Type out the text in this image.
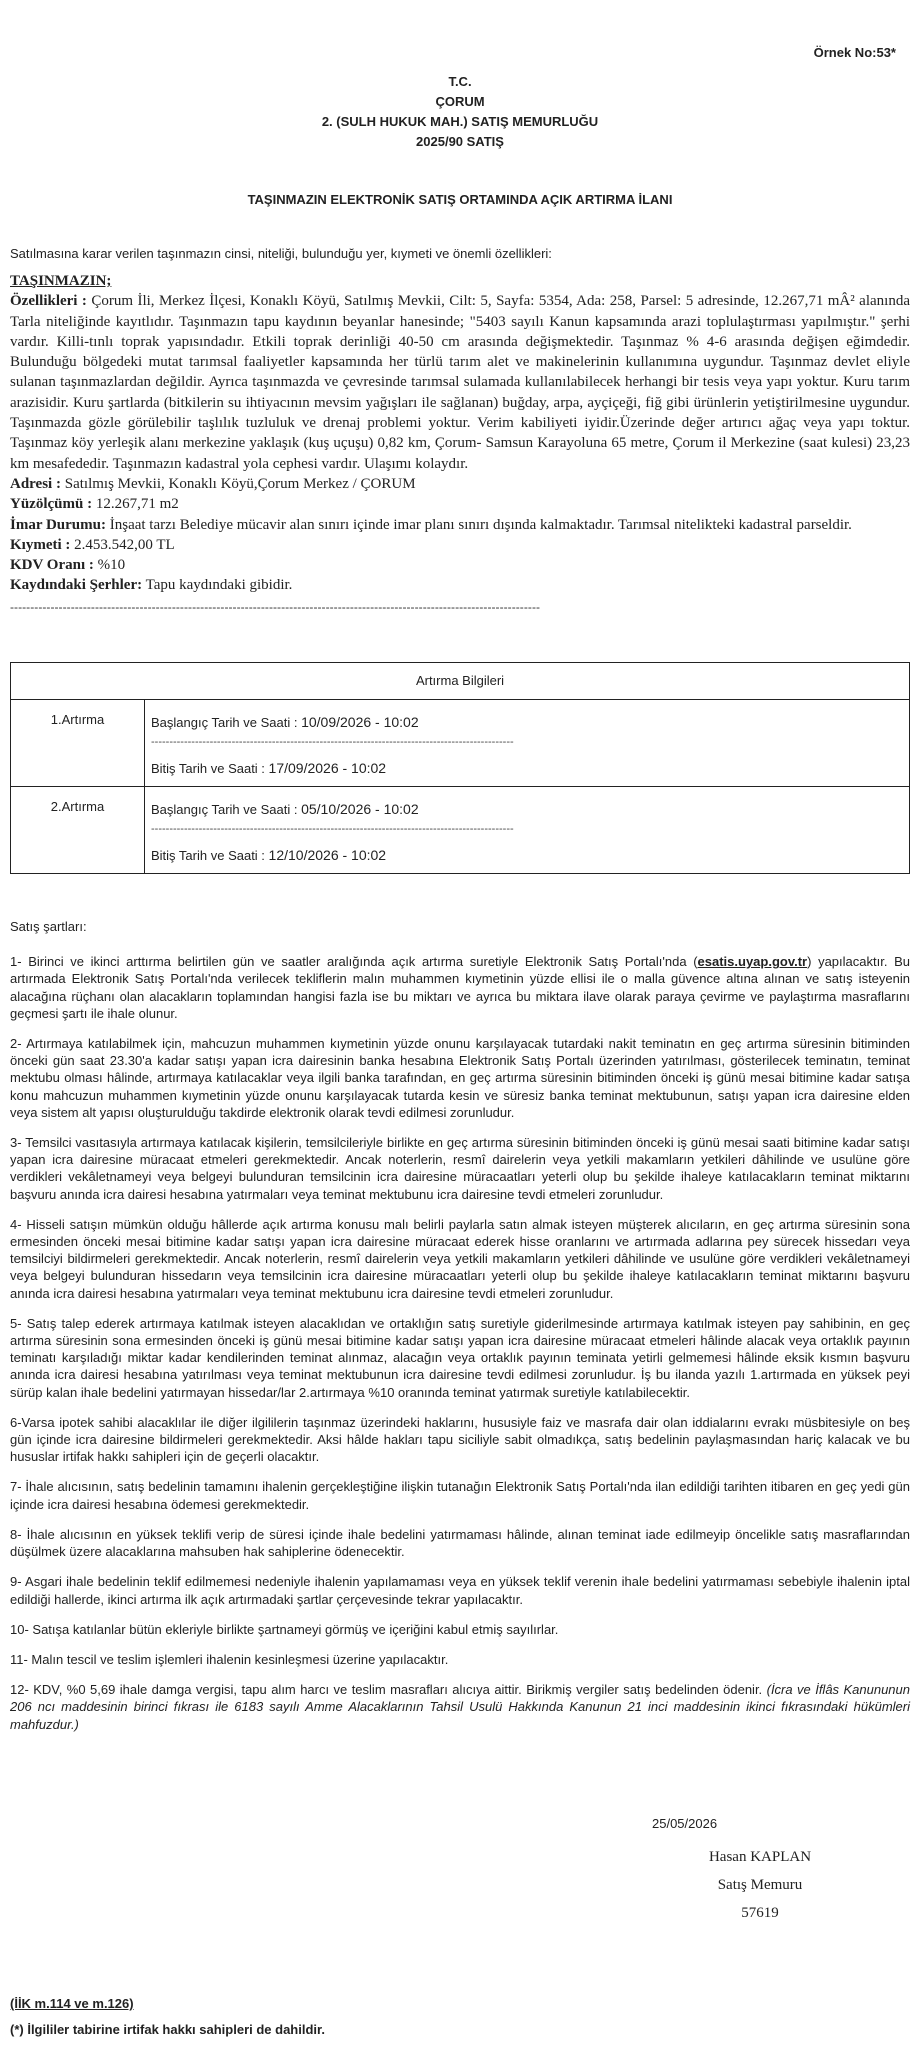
Örnek No:53*
T.C.
ÇORUM
2. (SULH HUKUK MAH.) SATIŞ MEMURLUĞU
2025/90 SATIŞ
TAŞINMAZIN ELEKTRONİK SATIŞ ORTAMINDA AÇIK ARTIRMA İLANI
Satılmasına karar verilen taşınmazın cinsi, niteliği, bulunduğu yer, kıymeti ve önemli özellikleri:
TAŞINMAZIN;
Özellikleri : Çorum İli, Merkez İlçesi, Konaklı Köyü, Satılmış Mevkii, Cilt: 5, Sayfa: 5354, Ada: 258, Parsel: 5 adresinde, 12.267,71 mÂ² alanında Tarla niteliğinde kayıtlıdır. Taşınmazın tapu kaydının beyanlar hanesinde; "5403 sayılı Kanun kapsamında arazi toplulaştırması yapılmıştır." şerhi vardır. Killi-tınlı toprak yapısındadır. Etkili toprak derinliği 40-50 cm arasında değişmektedir. Taşınmaz % 4-6 arasında değişen eğimdedir. Bulunduğu bölgedeki mutat tarımsal faaliyetler kapsamında her türlü tarım alet ve makinelerinin kullanımına uygundur. Taşınmaz devlet eliyle sulanan taşınmazlardan değildir. Ayrıca taşınmazda ve çevresinde tarımsal sulamada kullanılabilecek herhangi bir tesis veya yapı yoktur. Kuru tarım arazisidir. Kuru şartlarda (bitkilerin su ihtiyacının mevsim yağışları ile sağlanan) buğday, arpa, ayçiçeği, fiğ gibi ürünlerin yetiştirilmesine uygundur. Taşınmazda gözle görülebilir taşlılık tuzluluk ve drenaj problemi yoktur. Verim kabiliyeti iyidir.Üzerinde değer artırıcı ağaç veya yapı toktur. Taşınmaz köy yerleşik alanı merkezine yaklaşık (kuş uçuşu) 0,82 km, Çorum- Samsun Karayoluna 65 metre, Çorum il Merkezine (saat kulesi) 23,23 km mesafededir. Taşınmazın kadastral yola cephesi vardır. Ulaşımı kolaydır.
Adresi : Satılmış Mevkii, Konaklı Köyü,Çorum Merkez / ÇORUM
Yüzölçümü : 12.267,71 m2
İmar Durumu: İnşaat tarzı Belediye mücavir alan sınırı içinde imar planı sınırı dışında kalmaktadır. Tarımsal nitelikteki kadastral parseldir.
Kıymeti : 2.453.542,00 TL
KDV Oranı : %10
Kaydındaki Şerhler: Tapu kaydındaki gibidir.
-----------------------------------------------------------------------------------------------------------------------------------
Artırma Bilgileri
1.Artırma	Başlangıç Tarih ve Saati : 10/09/2026 - 10:02
---------------------------------------------------------------------------------------------------
Bitiş Tarih ve Saati : 17/09/2026 - 10:02
2.Artırma	Başlangıç Tarih ve Saati : 05/10/2026 - 10:02
---------------------------------------------------------------------------------------------------
Bitiş Tarih ve Saati : 12/10/2026 - 10:02

Satış şartları:

1- Birinci ve ikinci arttırma belirtilen gün ve saatler aralığında açık artırma suretiyle Elektronik Satış Portalı'nda (esatis.uyap.gov.tr) yapılacaktır. Bu artırmada Elektronik Satış Portalı'nda verilecek tekliflerin malın muhammen kıymetinin yüzde ellisi ile o malla güvence altına alınan ve satış isteyenin alacağına rüçhanı olan alacakların toplamından hangisi fazla ise bu miktarı ve ayrıca bu miktara ilave olarak paraya çevirme ve paylaştırma masraflarını geçmesi şartı ile ihale olunur.

2- Artırmaya katılabilmek için, mahcuzun muhammen kıymetinin yüzde onunu karşılayacak tutardaki nakit teminatın en geç artırma süresinin bitiminden önceki gün saat 23.30'a kadar satışı yapan icra dairesinin banka hesabına Elektronik Satış Portalı üzerinden yatırılması, gösterilecek teminatın, teminat mektubu olması hâlinde, artırmaya katılacaklar veya ilgili banka tarafından, en geç artırma süresinin bitiminden önceki iş günü mesai bitimine kadar satışa konu mahcuzun muhammen kıymetinin yüzde onunu karşılayacak tutarda kesin ve süresiz banka teminat mektubunun, satışı yapan icra dairesine elden veya sistem alt yapısı oluşturulduğu takdirde elektronik olarak tevdi edilmesi zorunludur.

3- Temsilci vasıtasıyla artırmaya katılacak kişilerin, temsilcileriyle birlikte en geç artırma süresinin bitiminden önceki iş günü mesai saati bitimine kadar satışı yapan icra dairesine müracaat etmeleri gerekmektedir. Ancak noterlerin, resmî dairelerin veya yetkili makamların yetkileri dâhilinde ve usulüne göre verdikleri vekâletnameyi veya belgeyi bulunduran temsilcinin icra dairesine müracaatları yeterli olup bu şekilde ihaleye katılacakların teminat miktarını başvuru anında icra dairesi hesabına yatırmaları veya teminat mektubunu icra dairesine tevdi etmeleri zorunludur.

4- Hisseli satışın mümkün olduğu hâllerde açık artırma konusu malı belirli paylarla satın almak isteyen müşterek alıcıların, en geç artırma süresinin sona ermesinden önceki mesai bitimine kadar satışı yapan icra dairesine müracaat ederek hisse oranlarını ve artırmada adlarına pey sürecek hissedarı veya temsilciyi bildirmeleri gerekmektedir. Ancak noterlerin, resmî dairelerin veya yetkili makamların yetkileri dâhilinde ve usulüne göre verdikleri vekâletnameyi veya belgeyi bulunduran hissedarın veya temsilcinin icra dairesine müracaatları yeterli olup bu şekilde ihaleye katılacakların teminat miktarını başvuru anında icra dairesi hesabına yatırmaları veya teminat mektubunu icra dairesine tevdi etmeleri zorunludur.

5- Satış talep ederek artırmaya katılmak isteyen alacaklıdan ve ortaklığın satış suretiyle giderilmesinde artırmaya katılmak isteyen pay sahibinin, en geç artırma süresinin sona ermesinden önceki iş günü mesai bitimine kadar satışı yapan icra dairesine müracaat etmeleri hâlinde alacak veya ortaklık payının teminatı karşıladığı miktar kadar kendilerinden teminat alınmaz, alacağın veya ortaklık payının teminata yetirli gelmemesi hâlinde eksik kısmın başvuru anında icra dairesi hesabına yatırılması veya teminat mektubunun icra dairesine tevdi edilmesi zorunludur. İş bu ilanda yazılı 1.artırmada en yüksek peyi sürüp kalan ihale bedelini yatırmayan hissedar/lar 2.artırmaya %10 oranında teminat yatırmak suretiyle katılabilecektir.

6-Varsa ipotek sahibi alacaklılar ile diğer ilgililerin taşınmaz üzerindeki haklarını, hususiyle faiz ve masrafa dair olan iddialarını evrakı müsbitesiyle on beş gün içinde icra dairesine bildirmeleri gerekmektedir. Aksi hâlde hakları tapu siciliyle sabit olmadıkça, satış bedelinin paylaşmasından hariç kalacak ve bu hususlar irtifak hakkı sahipleri için de geçerli olacaktır.

7- İhale alıcısının, satış bedelinin tamamını ihalenin gerçekleştiğine ilişkin tutanağın Elektronik Satış Portalı'nda ilan edildiği tarihten itibaren en geç yedi gün içinde icra dairesi hesabına ödemesi gerekmektedir.

8- İhale alıcısının en yüksek teklifi verip de süresi içinde ihale bedelini yatırmaması hâlinde, alınan teminat iade edilmeyip öncelikle satış masraflarından düşülmek üzere alacaklarına mahsuben hak sahiplerine ödenecektir.

9- Asgari ihale bedelinin teklif edilmemesi nedeniyle ihalenin yapılamaması veya en yüksek teklif verenin ihale bedelini yatırmaması sebebiyle ihalenin iptal edildiği hallerde, ikinci artırma ilk açık artırmadaki şartlar çerçevesinde tekrar yapılacaktır.

10- Satışa katılanlar bütün ekleriyle birlikte şartnameyi görmüş ve içeriğini kabul etmiş sayılırlar.

11- Malın tescil ve teslim işlemleri ihalenin kesinleşmesi üzerine yapılacaktır.

12- KDV, %0 5,69 ihale damga vergisi, tapu alım harcı ve teslim masrafları alıcıya aittir. Birikmiş vergiler satış bedelinden ödenir. (İcra ve İflâs Kanununun 206 ncı maddesinin birinci fıkrası ile 6183 sayılı Amme Alacaklarının Tahsil Usulü Hakkında Kanunun 21 inci maddesinin ikinci fıkrasındaki hükümleri mahfuzdur.)

25/05/2026
Hasan KAPLAN
Satış Memuru
57619
(İİK m.114 ve m.126)
(*) İlgililer tabirine irtifak hakkı sahipleri de dahildir.
